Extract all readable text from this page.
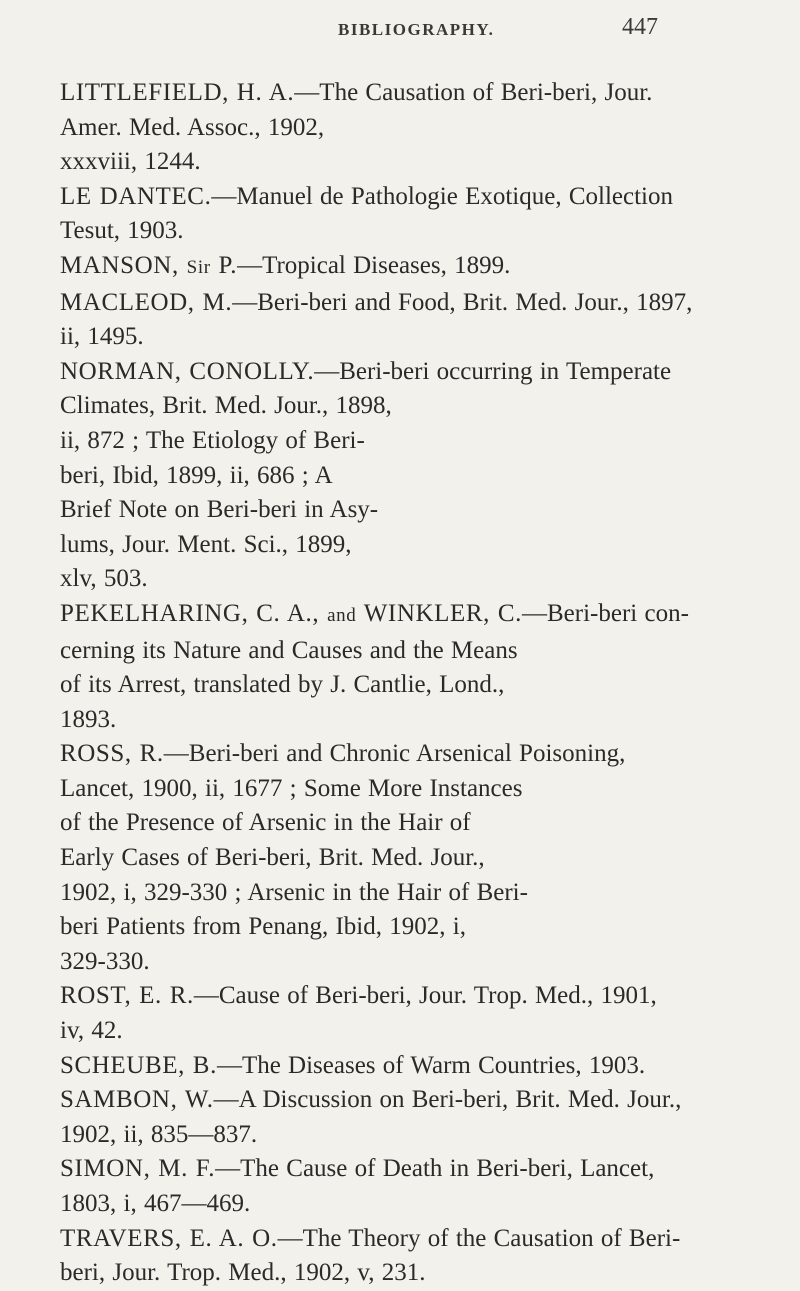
BIBLIOGRAPHY.	447

LITTLEFIELD, H. A.—The Causation of Beri-beri, Jour.
Amer. Med. Assoc., 1902,
xxxviii, 1244.

LE DANTEC.—Manuel de Pathologie Exotique, Collection
Tesut, 1903.

MANSON, Sir P.—Tropical Diseases, 1899.

MACLEOD, M.—Beri-beri and Food, Brit. Med. Jour., 1897,
ii, 1495.

NORMAN, CONOLLY.—Beri-beri occurring in Temperate
Climates, Brit. Med. Jour., 1898,
ii, 872 ; The Etiology of Beri-
beri, Ibid, 1899, ii, 686 ; A
Brief Note on Beri-beri in Asy-
lums, Jour. Ment. Sci., 1899,
xlv, 503.

PEKELHARING, C. A., and WINKLER, C.—Beri-beri con-
cerning its Nature and Causes and the Means
of its Arrest, translated by J. Cantlie, Lond.,
1893.

ROSS, R.—Beri-beri and Chronic Arsenical Poisoning,
Lancet, 1900, ii, 1677 ; Some More Instances
of the Presence of Arsenic in the Hair of
Early Cases of Beri-beri, Brit. Med. Jour.,
1902, i, 329-330 ; Arsenic in the Hair of Beri-
beri Patients from Penang, Ibid, 1902, i,
329-330.

ROST, E. R.—Cause of Beri-beri, Jour. Trop. Med., 1901,
iv, 42.

SCHEUBE, B.—The Diseases of Warm Countries, 1903.

SAMBON, W.—A Discussion on Beri-beri, Brit. Med. Jour.,
1902, ii, 835—837.

SIMON, M. F.—The Cause of Death in Beri-beri, Lancet,
1803, i, 467—469.

TRAVERS, E. A. O.—The Theory of the Causation of Beri-
beri, Jour. Trop. Med., 1902, v, 231.
